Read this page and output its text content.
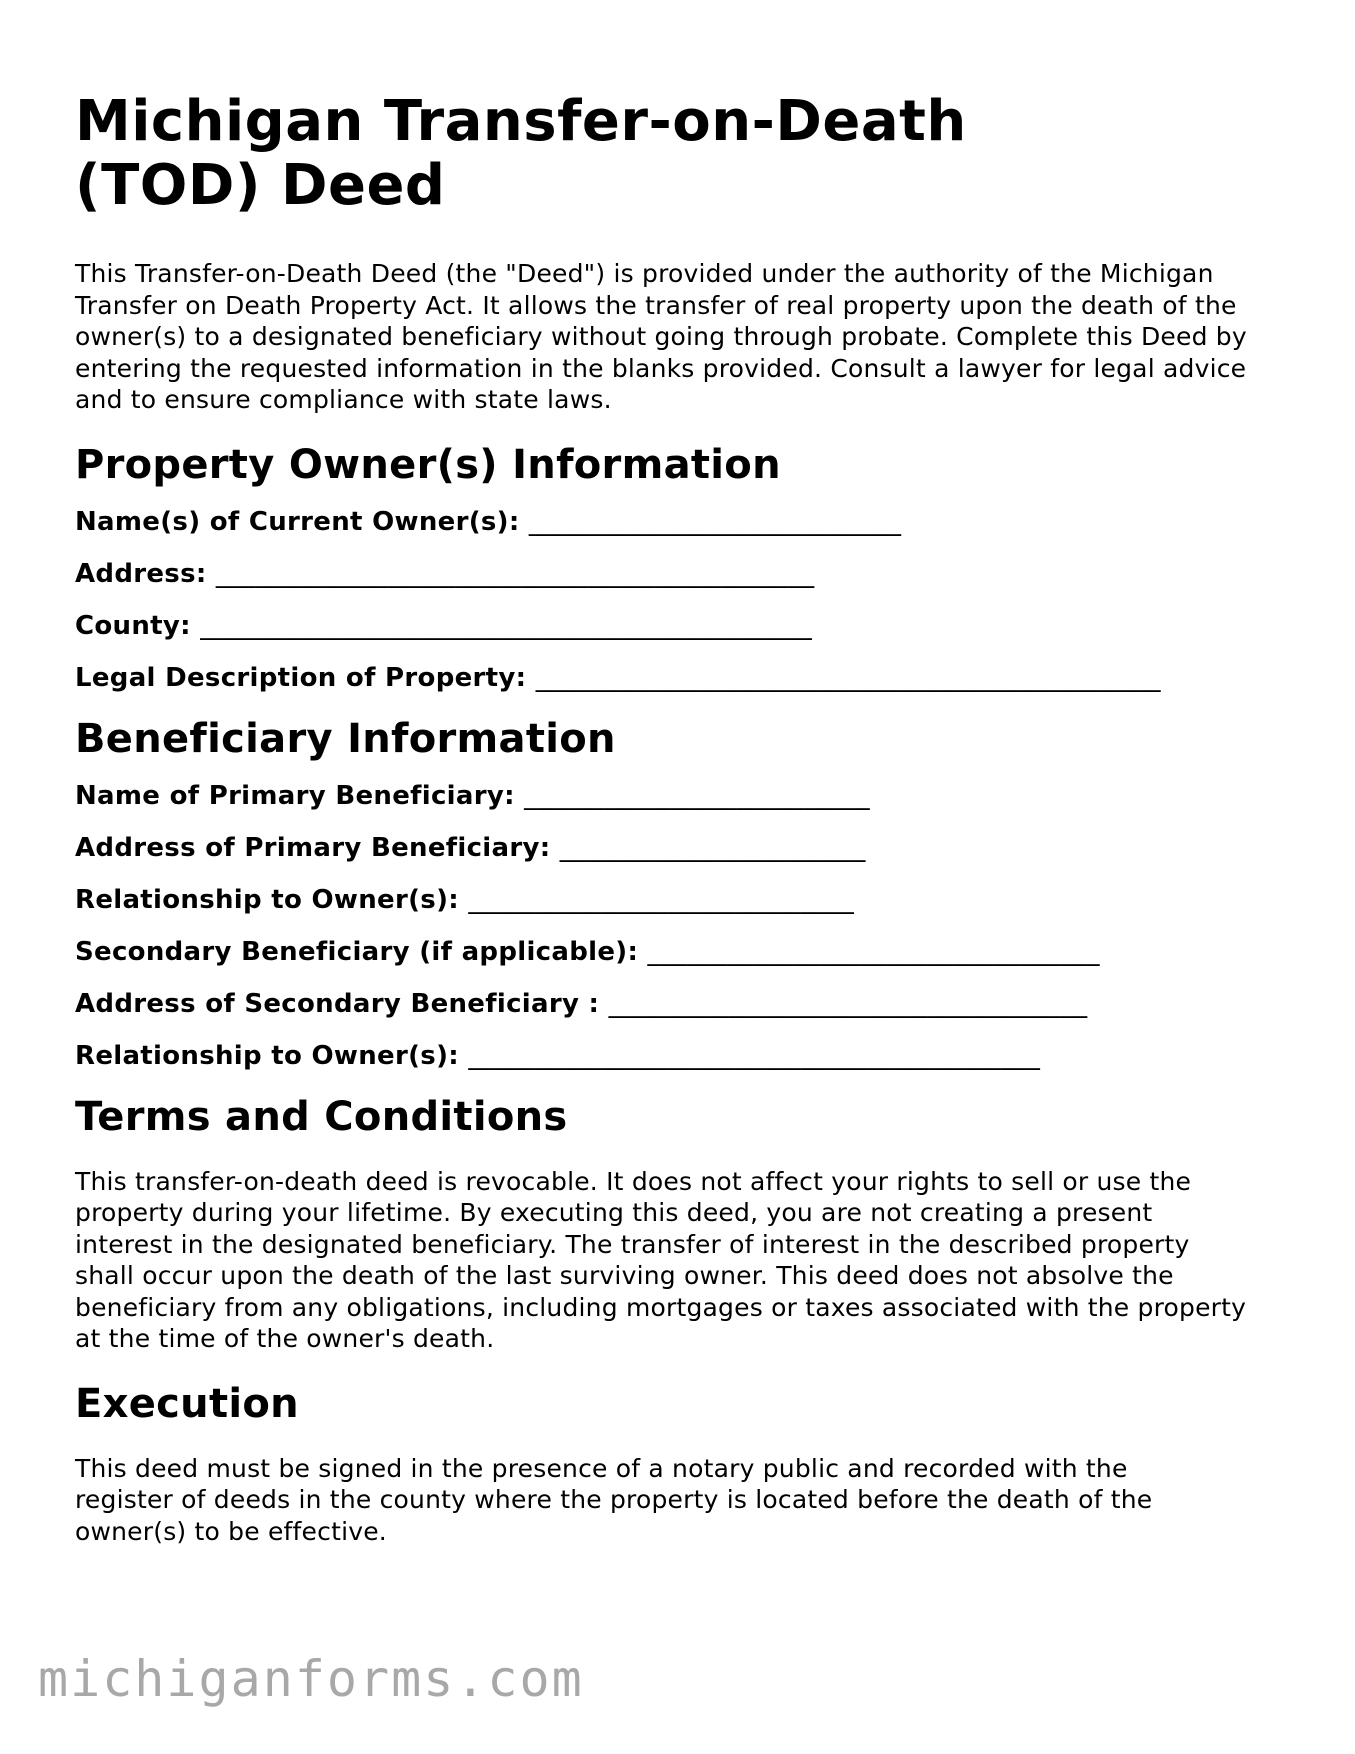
Michigan Transfer-on-Death (TOD) Deed

This Transfer-on-Death Deed (the "Deed") is provided under the authority of the Michigan Transfer on Death Property Act. It allows the transfer of real property upon the death of the owner(s) to a designated beneficiary without going through probate. Complete this Deed by entering the requested information in the blanks provided. Consult a lawyer for legal advice and to ensure compliance with state laws.

Property Owner(s) Information
Name(s) of Current Owner(s): ____________________________
Address: _____________________________________________
County: ______________________________________________
Legal Description of Property: _______________________________________________
Beneficiary Information
Name of Primary Beneficiary: __________________________
Address of Primary Beneficiary: _______________________
Relationship to Owner(s): _____________________________
Secondary Beneficiary (if applicable): __________________________________
Address of Secondary Beneficiary : ____________________________________
Relationship to Owner(s): ___________________________________________
Terms and Conditions

This transfer-on-death deed is revocable. It does not affect your rights to sell or use the property during your lifetime. By executing this deed, you are not creating a present interest in the designated beneficiary. The transfer of interest in the described property shall occur upon the death of the last surviving owner. This deed does not absolve the beneficiary from any obligations, including mortgages or taxes associated with the property at the time of the owner's death.

Execution

This deed must be signed in the presence of a notary public and recorded with the register of deeds in the county where the property is located before the death of the owner(s) to be effective.

michiganforms.com
